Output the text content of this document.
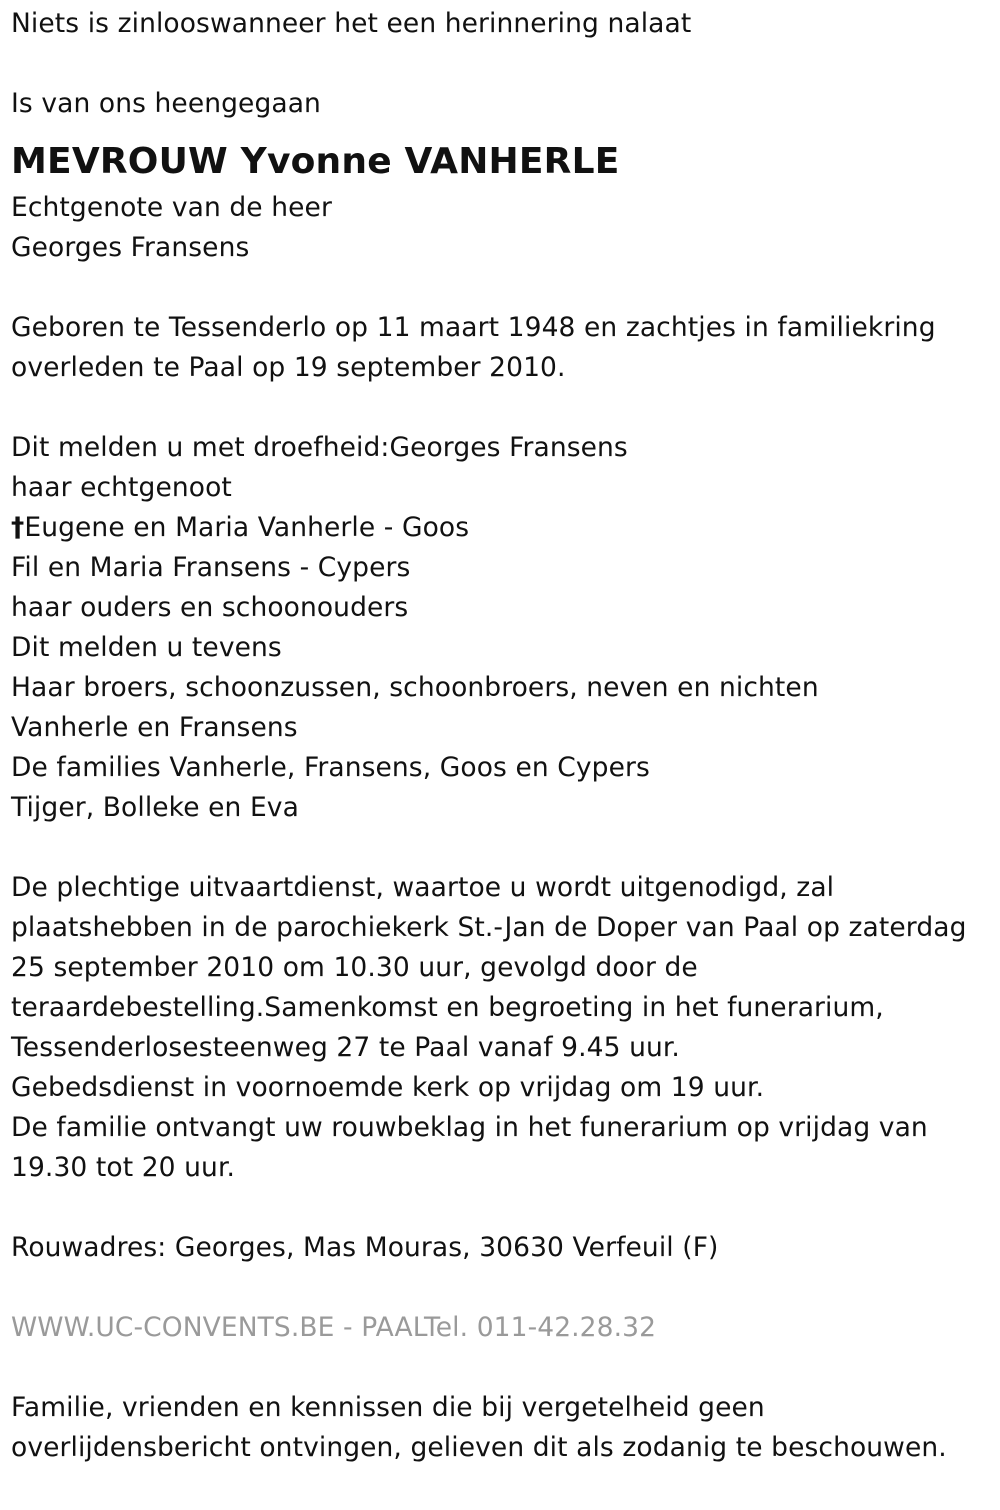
Niets is zinlooswanneer het een herinnering nalaat
Is van ons heengegaan
MEVROUW Yvonne VANHERLE
Echtgenote van de heer
Georges Fransens
Geboren te Tessenderlo op 11 maart 1948 en zachtjes in familiekring
overleden te Paal op 19 september 2010.
Dit melden u met droefheid:Georges Fransens
haar echtgenoot
†Eugene en Maria Vanherle - Goos
Fil en Maria Fransens - Cypers
haar ouders en schoonouders
Dit melden u tevens
Haar broers, schoonzussen, schoonbroers, neven en nichten
Vanherle en Fransens
De families Vanherle, Fransens, Goos en Cypers
Tijger, Bolleke en Eva
De plechtige uitvaartdienst, waartoe u wordt uitgenodigd, zal
plaatshebben in de parochiekerk St.-Jan de Doper van Paal op zaterdag
25 september 2010 om 10.30 uur, gevolgd door de
teraardebestelling.Samenkomst en begroeting in het funerarium,
Tessenderlosesteenweg 27 te Paal vanaf 9.45 uur.
Gebedsdienst in voornoemde kerk op vrijdag om 19 uur.
De familie ontvangt uw rouwbeklag in het funerarium op vrijdag van
19.30 tot 20 uur.
Rouwadres: Georges, Mas Mouras, 30630 Verfeuil (F)
WWW.UC-CONVENTS.BE - PAALTel. 011-42.28.32
Familie, vrienden en kennissen die bij vergetelheid geen
overlijdensbericht ontvingen, gelieven dit als zodanig te beschouwen.
